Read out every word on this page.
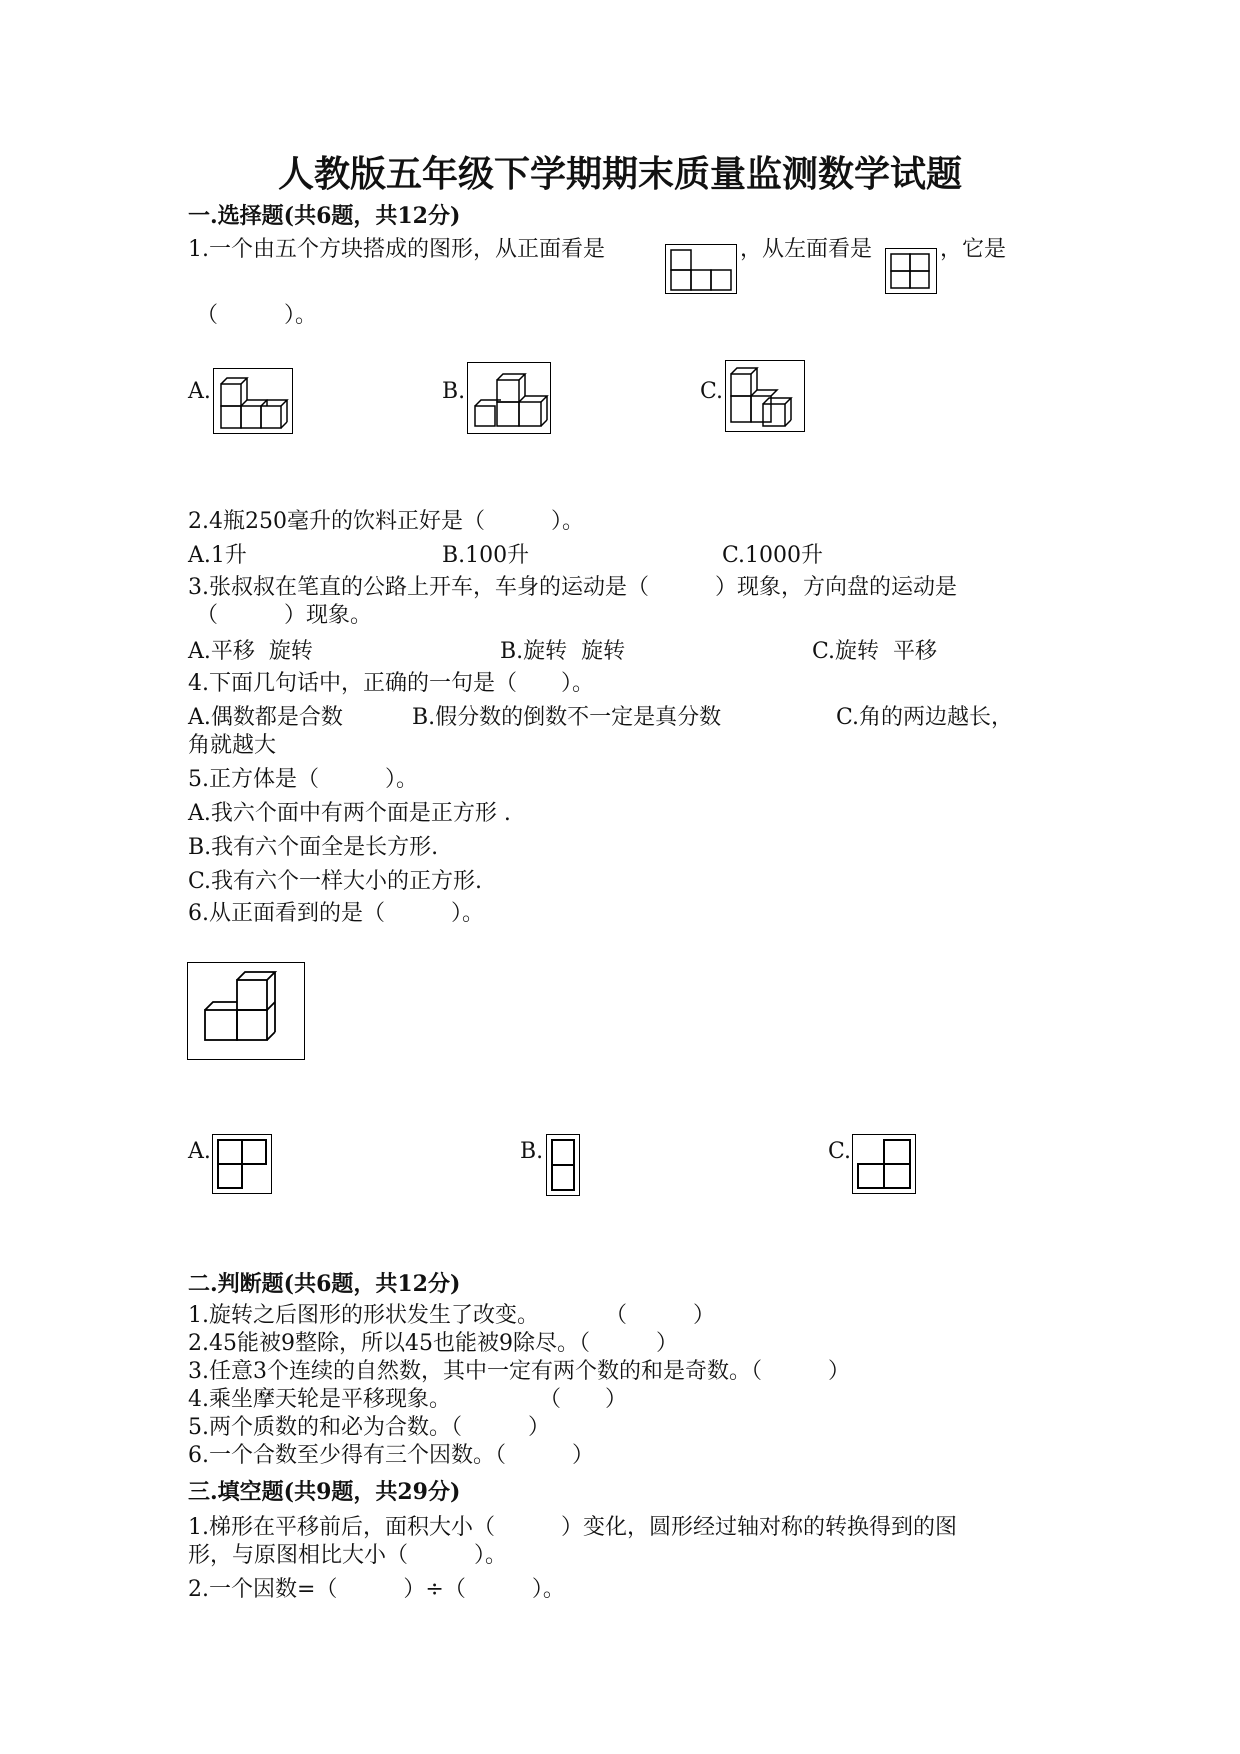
人教版五年级下学期期末质量监测数学试题
一.选择题(共6题，共12分)
1.一个由五个方块搭成的图形，从正面看是	，从左面看是	，它是
（　　　）。
A.	B.	C.
2.4瓶250毫升的饮料正好是（　　　）。
A.1升	B.100升	C.1000升
3.张叔叔在笔直的公路上开车，车身的运动是（　　　）现象，方向盘的运动是
（　　　）现象。
A.平移  旋转	B.旋转  旋转	C.旋转  平移
4.下面几句话中，正确的一句是（　　）。
A.偶数都是合数	B.假分数的倒数不一定是真分数	C.角的两边越长，
角就越大
5.正方体是（　　　）。
A.我六个面中有两个面是正方形 .
B.我有六个面全是长方形.
C.我有六个一样大小的正方形.
6.从正面看到的是（　　　）。
A.	B.	C.
二.判断题(共6题，共12分)
1.旋转之后图形的形状发生了改变。　　　　（　　　）
2.45能被9整除，所以45也能被9除尽。（　　　）
3.任意3个连续的自然数，其中一定有两个数的和是奇数。（　　　）
4.乘坐摩天轮是平移现象。　　　　　（　　）
5.两个质数的和必为合数。（　　　）
6.一个合数至少得有三个因数。（　　　）
三.填空题(共9题，共29分)
1.梯形在平移前后，面积大小（　　　）变化，圆形经过轴对称的转换得到的图
形，与原图相比大小（　　　）。
2.一个因数=（　　　）÷（　　　）。
